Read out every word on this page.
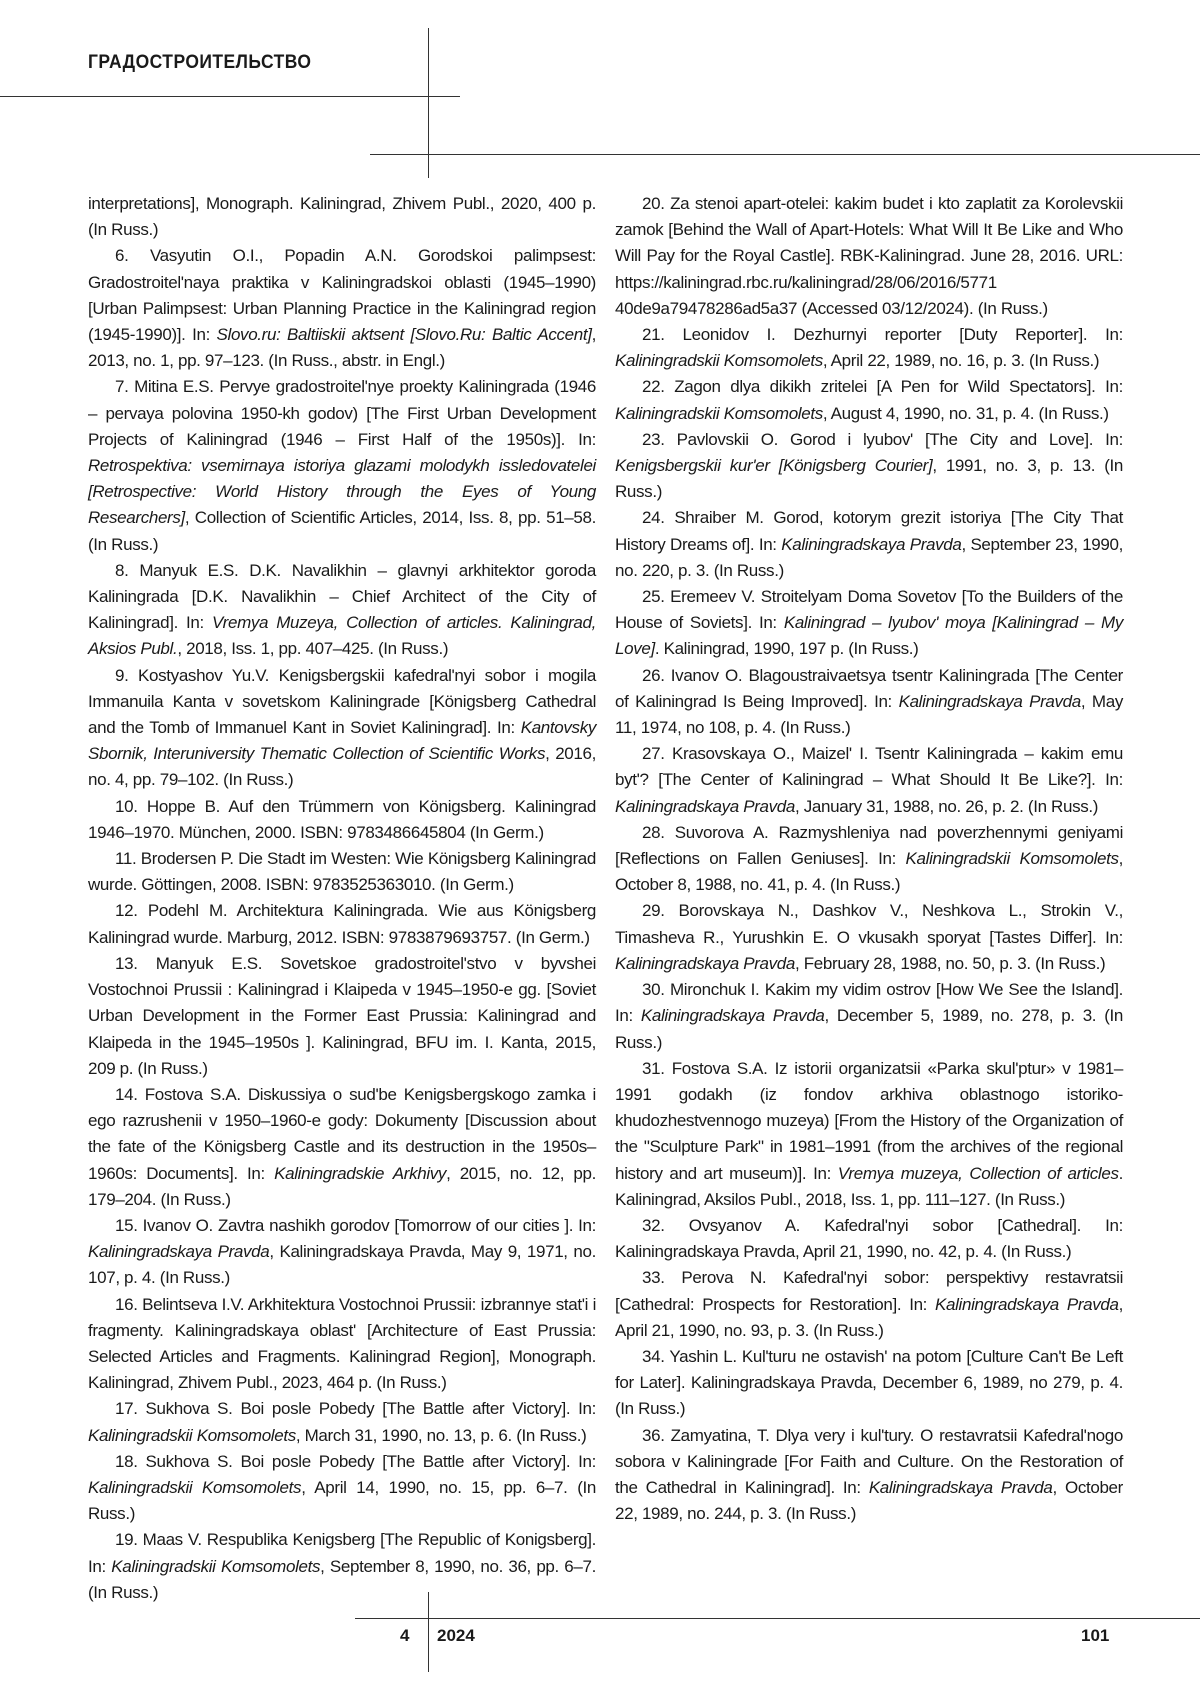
ГРАДОСТРОИТЕЛЬСТВО

interpretations], Monograph. Kaliningrad, Zhivem Publ., 2020, 400 p. (In Russ.)

6. Vasyutin O.I., Popadin A.N. Gorodskoi palimpsest: Gradostroitel'naya praktika v Kaliningradskoi oblasti (1945–1990) [Urban Palimpsest: Urban Planning Practice in the Kaliningrad region (1945-1990)]. In: Slovo.ru: Baltiiskii aktsent [Slovo.Ru: Baltic Accent], 2013, no. 1, pp. 97–123. (In Russ., abstr. in Engl.)

7. Mitina E.S. Pervye gradostroitel'nye proekty Kaliningrada (1946 – pervaya polovina 1950-kh godov) [The First Urban Development Projects of Kaliningrad (1946 – First Half of the 1950s)]. In: Retrospektiva: vsemirnaya istoriya glazami molodykh issledovatelei [Retrospective: World History through the Eyes of Young Researchers], Collection of Scientific Articles, 2014, Iss. 8, pp. 51–58. (In Russ.)

8. Manyuk E.S. D.K. Navalikhin – glavnyi arkhitektor goroda Kaliningrada [D.K. Navalikhin – Chief Architect of the City of Kaliningrad]. In: Vremya Muzeya, Collection of articles. Kaliningrad, Aksios Publ., 2018, Iss. 1, pp. 407–425. (In Russ.)

9. Kostyashov Yu.V. Kenigsbergskii kafedral'nyi sobor i mogila Immanuila Kanta v sovetskom Kaliningrade [Königsberg Cathedral and the Tomb of Immanuel Kant in Soviet Kaliningrad]. In: Kantovsky Sbornik, Interuniversity Thematic Collection of Scientific Works, 2016, no. 4, pp. 79–102. (In Russ.)

10. Hoppe B. Auf den Trümmern von Königsberg. Kaliningrad 1946–1970. München, 2000. ISBN: 9783486645804 (In Germ.)

11. Brodersen P. Die Stadt im Westen: Wie Königsberg Kaliningrad wurde. Göttingen, 2008. ISBN: 9783525363010. (In Germ.)

12. Podehl M. Architektura Kaliningrada. Wie aus Königsberg Kaliningrad wurde. Marburg, 2012. ISBN: 9783879693757. (In Germ.)

13. Manyuk E.S. Sovetskoe gradostroitel'stvo v byvshei Vostochnoi Prussii : Kaliningrad i Klaipeda v 1945–1950-e gg. [Soviet Urban Development in the Former East Prussia: Kaliningrad and Klaipeda in the 1945–1950s ]. Kaliningrad, BFU im. I. Kanta, 2015, 209 p. (In Russ.)

14. Fostova S.A. Diskussiya o sud'be Kenigsbergskogo zamka i ego razrushenii v 1950–1960-e gody: Dokumenty [Discussion about the fate of the Königsberg Castle and its destruction in the 1950s–1960s: Documents]. In: Kaliningradskie Arkhivy, 2015, no. 12, pp. 179–204. (In Russ.)

15. Ivanov O. Zavtra nashikh gorodov [Tomorrow of our cities ]. In: Kaliningradskaya Pravda, Kaliningradskaya Pravda, May 9, 1971, no. 107, p. 4. (In Russ.)

16. Belintseva I.V. Arkhitektura Vostochnoi Prussii: izbrannye stat'i i fragmenty. Kaliningradskaya oblast' [Architecture of East Prussia: Selected Articles and Fragments. Kaliningrad Region], Monograph. Kaliningrad, Zhivem Publ., 2023, 464 p. (In Russ.)

17. Sukhova S. Boi posle Pobedy [The Battle after Victory]. In: Kaliningradskii Komsomolets, March 31, 1990, no. 13, p. 6. (In Russ.)

18. Sukhova S. Boi posle Pobedy [The Battle after Victory]. In: Kaliningradskii Komsomolets, April 14, 1990, no. 15, pp. 6–7. (In Russ.)

19. Maas V. Respublika Kenigsberg [The Republic of Konigsberg]. In: Kaliningradskii Komsomolets, September 8, 1990, no. 36, pp. 6–7. (In Russ.)

20. Za stenoi apart-otelei: kakim budet i kto zaplatit za Korolevskii zamok [Behind the Wall of Apart-Hotels: What Will It Be Like and Who Will Pay for the Royal Castle]. RBK-Kaliningrad. June 28, 2016. URL: https://kaliningrad.rbc.ru/kaliningrad/28/06/2016/5771 40de9a79478286ad5a37 (Accessed 03/12/2024). (In Russ.)

21. Leonidov I. Dezhurnyi reporter [Duty Reporter]. In: Kaliningradskii Komsomolets, April 22, 1989, no. 16, p. 3. (In Russ.)

22. Zagon dlya dikikh zritelei [A Pen for Wild Spectators]. In: Kaliningradskii Komsomolets, August 4, 1990, no. 31, p. 4. (In Russ.)

23. Pavlovskii O. Gorod i lyubov' [The City and Love]. In: Kenigsbergskii kur'er [Königsberg Courier], 1991, no. 3, p. 13. (In Russ.)

24. Shraiber M. Gorod, kotorym grezit istoriya [The City That History Dreams of]. In: Kaliningradskaya Pravda, September 23, 1990, no. 220, p. 3. (In Russ.)

25. Eremeev V. Stroitelyam Doma Sovetov [To the Builders of the House of Soviets]. In: Kaliningrad – lyubov' moya [Kaliningrad – My Love]. Kaliningrad, 1990, 197 p. (In Russ.)

26. Ivanov O. Blagoustraivaetsya tsentr Kaliningrada [The Center of Kaliningrad Is Being Improved]. In: Kaliningradskaya Pravda, May 11, 1974, no 108, p. 4. (In Russ.)

27. Krasovskaya O., Maizel' I. Tsentr Kaliningrada – kakim emu byt'? [The Center of Kaliningrad – What Should It Be Like?]. In: Kaliningradskaya Pravda, January 31, 1988, no. 26, p. 2. (In Russ.)

28. Suvorova A. Razmyshleniya nad poverzhennymi geniyami [Reflections on Fallen Geniuses]. In: Kaliningradskii Komsomolets, October 8, 1988, no. 41, p. 4. (In Russ.)

29. Borovskaya N., Dashkov V., Neshkova L., Strokin V., Timasheva R., Yurushkin E. O vkusakh sporyat [Tastes Differ]. In: Kaliningradskaya Pravda, February 28, 1988, no. 50, p. 3. (In Russ.)

30. Mironchuk I. Kakim my vidim ostrov [How We See the Island]. In: Kaliningradskaya Pravda, December 5, 1989, no. 278, p. 3. (In Russ.)

31. Fostova S.A. Iz istorii organizatsii «Parka skul'ptur» v 1981–1991 godakh (iz fondov arkhiva oblastnogo istoriko-khudozhestvennogo muzeya) [From the History of the Organization of the "Sculpture Park" in 1981–1991 (from the archives of the regional history and art museum)]. In: Vremya muzeya, Collection of articles. Kaliningrad, Aksilos Publ., 2018, Iss. 1, pp. 111–127. (In Russ.)

32. Ovsyanov A. Kafedral'nyi sobor [Cathedral]. In: Kaliningradskaya Pravda, April 21, 1990, no. 42, p. 4. (In Russ.)

33. Perova N. Kafedral'nyi sobor: perspektivy restavratsii [Cathedral: Prospects for Restoration]. In: Kaliningradskaya Pravda, April 21, 1990, no. 93, p. 3. (In Russ.)

34. Yashin L. Kul'turu ne ostavish' na potom [Culture Can't Be Left for Later]. Kaliningradskaya Pravda, December 6, 1989, no 279, p. 4. (In Russ.)

36. Zamyatina, T. Dlya very i kul'tury. O restavratsii Kafedral'nogo sobora v Kaliningrade [For Faith and Culture. On the Restoration of the Cathedral in Kaliningrad]. In: Kaliningradskaya Pravda, October 22, 1989, no. 244, p. 3. (In Russ.)

4 2024	101
